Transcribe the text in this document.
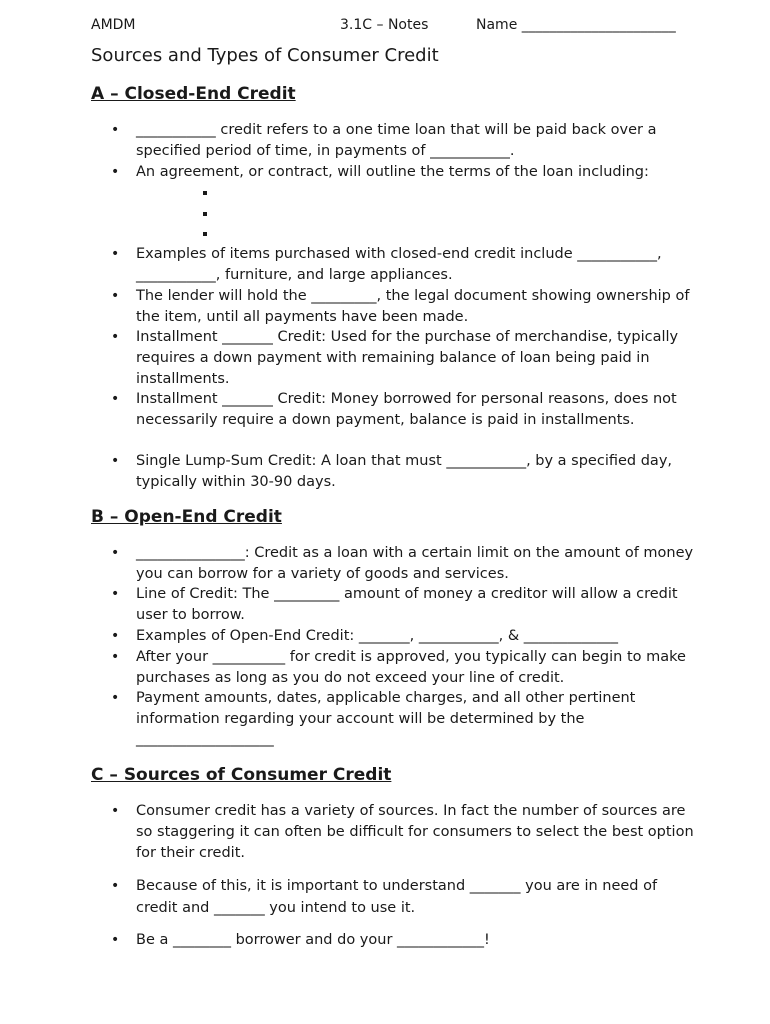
AMDM	3.1C – Notes	Name ______________________
Sources and Types of Consumer Credit
A – Closed-End Credit
• ___________ credit refers to a one time loan that will be paid back over a specified period of time, in payments of ___________.
• An agreement, or contract, will outline the terms of the loan including:
• Examples of items purchased with closed-end credit include ___________, ___________, furniture, and large appliances.
• The lender will hold the _________, the legal document showing ownership of the item, until all payments have been made.
• Installment _______ Credit: Used for the purchase of merchandise, typically requires a down payment with remaining balance of loan being paid in installments.
• Installment _______ Credit: Money borrowed for personal reasons, does not necessarily require a down payment, balance is paid in installments.
• Single Lump-Sum Credit: A loan that must ___________, by a specified day, typically within 30-90 days.
B – Open-End Credit
• _______________: Credit as a loan with a certain limit on the amount of money you can borrow for a variety of goods and services.
• Line of Credit: The _________ amount of money a creditor will allow a credit user to borrow.
• Examples of Open-End Credit: _______, ___________, & _____________
• After your __________ for credit is approved, you typically can begin to make purchases as long as you do not exceed your line of credit.
• Payment amounts, dates, applicable charges, and all other pertinent information regarding your account will be determined by the ___________________
C – Sources of Consumer Credit
• Consumer credit has a variety of sources. In fact the number of sources are so staggering it can often be difficult for consumers to select the best option for their credit.
• Because of this, it is important to understand _______ you are in need of credit and _______ you intend to use it.
• Be a ________ borrower and do your ____________!
